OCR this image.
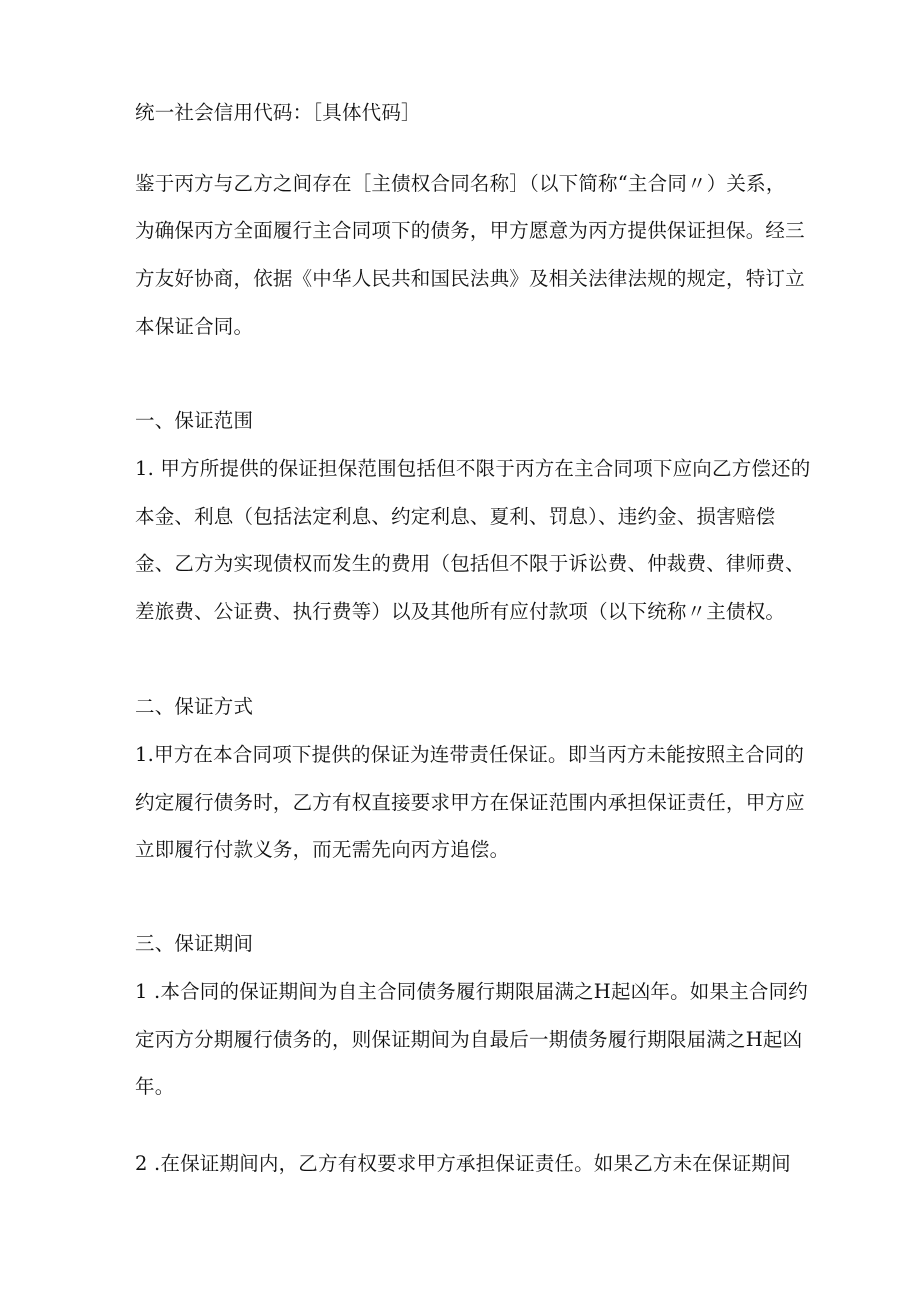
统一社会信用代码：［具体代码］
鉴于丙方与乙方之间存在［主债权合同名称］（以下简称“主合同〃）关系，
为确保丙方全面履行主合同项下的债务，甲方愿意为丙方提供保证担保。经三
方友好协商，依据《中华人民共和国民法典》及相关法律法规的规定，特订立
本保证合同。
一、保证范围
1. 甲方所提供的保证担保范围包括但不限于丙方在主合同项下应向乙方偿还的
本金、利息（包括法定利息、约定利息、夏利、罚息）、违约金、损害赔偿
金、乙方为实现债权而发生的费用（包括但不限于诉讼费、仲裁费、律师费、
差旅费、公证费、执行费等）以及其他所有应付款项（以下统称〃主债权。
二、保证方式
1.甲方在本合同项下提供的保证为连带责任保证。即当丙方未能按照主合同的
约定履行债务时，乙方有权直接要求甲方在保证范围内承担保证责任，甲方应
立即履行付款义务，而无需先向丙方追偿。
三、保证期间
1 .本合同的保证期间为自主合同债务履行期限届满之H起凶年。如果主合同约
定丙方分期履行债务的，则保证期间为自最后一期债务履行期限届满之H起凶
年。
2 .在保证期间内，乙方有权要求甲方承担保证责任。如果乙方未在保证期间
